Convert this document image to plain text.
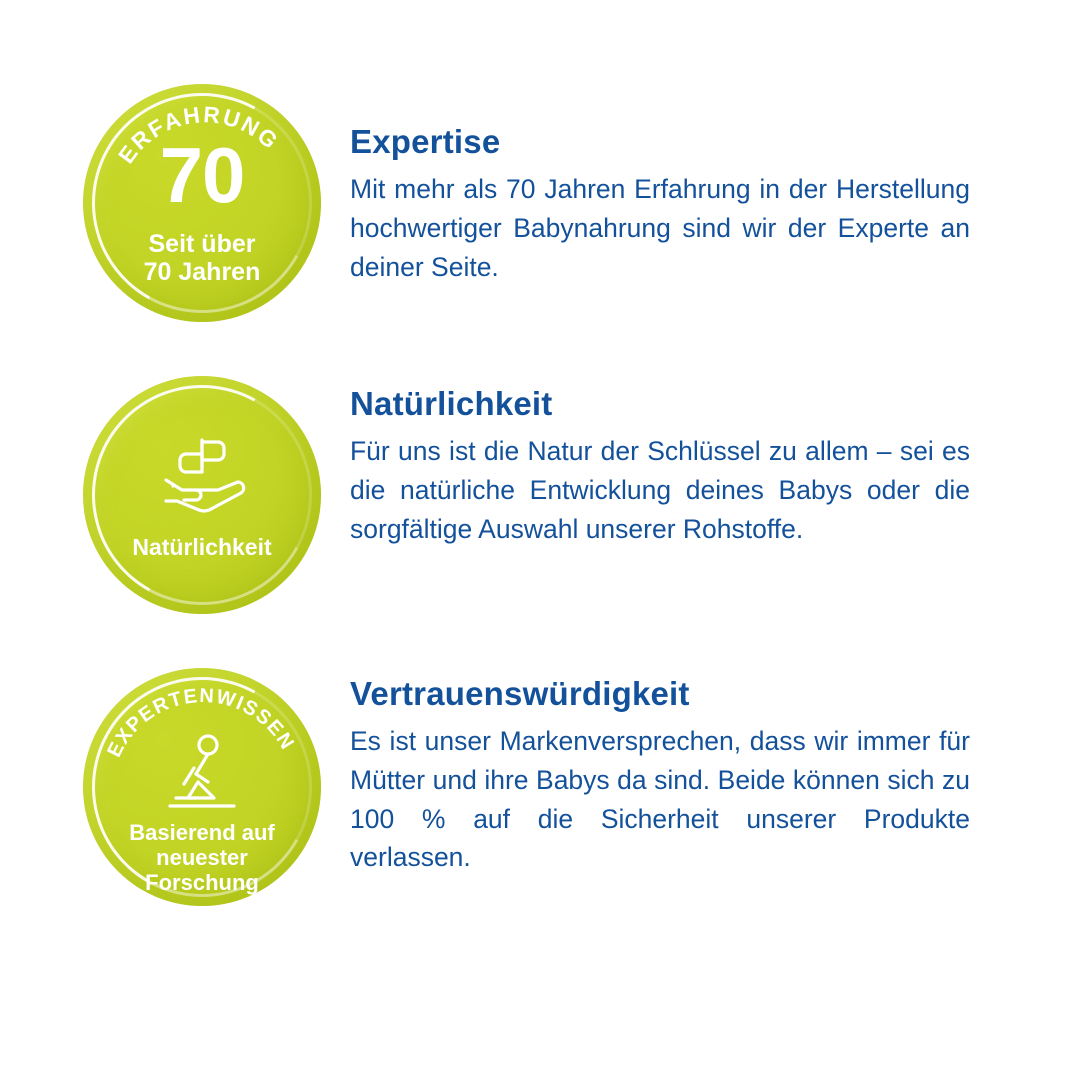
ERFAHRUNG
70
Seit über
70 Jahren
Expertise

Mit mehr als 70 Jahren Erfahrung in der Herstellung hochwertiger Babynahrung sind wir der Experte an deiner Seite.

Natürlichkeit
Natürlichkeit

Für uns ist die Natur der Schlüssel zu allem – sei es die natürliche Entwicklung deines Babys oder die sorgfältige Auswahl unserer Rohstoffe.

EXPERTENWISSEN
Basierend auf
neuester
Forschung
Vertrauenswürdigkeit

Es ist unser Markenversprechen, dass wir immer für Mütter und ihre Babys da sind. Beide können sich zu 100 % auf die Sicherheit unserer Produkte verlassen.
